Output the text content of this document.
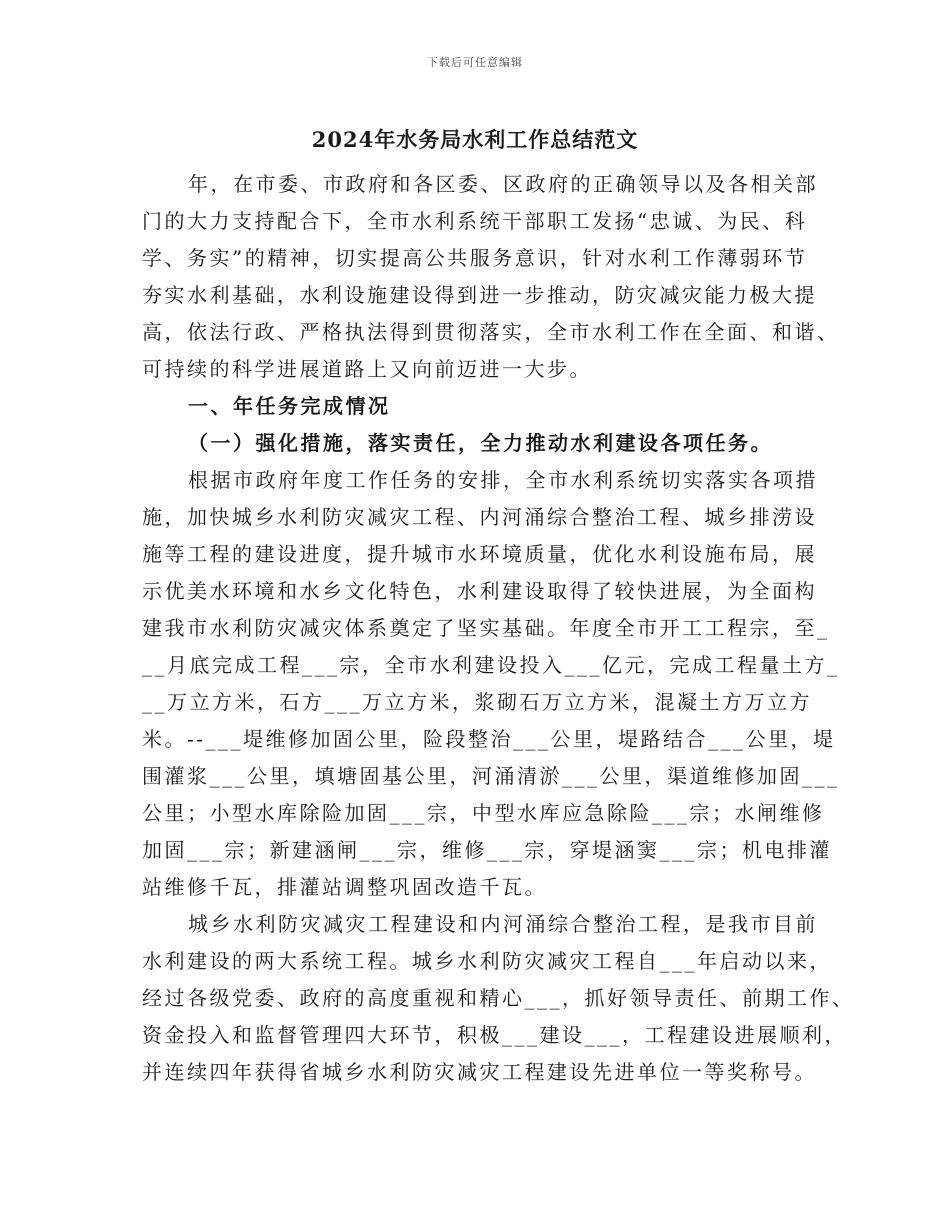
下载后可任意编辑
2024年水务局水利工作总结范文

年，在市委、市政府和各区委、区政府的正确领导以及各相关部
门的大力支持配合下，全市水利系统干部职工发扬“忠诚、为民、科
学、务实”的精神，切实提高公共服务意识，针对水利工作薄弱环节
夯实水利基础，水利设施建设得到进一步推动，防灾减灾能力极大提
高，依法行政、严格执法得到贯彻落实，全市水利工作在全面、和谐、
可持续的科学进展道路上又向前迈进一大步。

一、年任务完成情况

（一）强化措施，落实责任，全力推动水利建设各项任务。

根据市政府年度工作任务的安排，全市水利系统切实落实各项措
施，加快城乡水利防灾减灾工程、内河涌综合整治工程、城乡排涝设
施等工程的建设进度，提升城市水环境质量，优化水利设施布局，展
示优美水环境和水乡文化特色，水利建设取得了较快进展，为全面构
建我市水利防灾减灾体系奠定了坚实基础。年度全市开工工程宗，至_
__月底完成工程___宗，全市水利建设投入___亿元，完成工程量土方_
__万立方米，石方___万立方米，浆砌石万立方米，混凝土方万立方
米。--___堤维修加固公里，险段整治___公里，堤路结合___公里，堤
围灌浆___公里，填塘固基公里，河涌清淤___公里，渠道维修加固___
公里；小型水库除险加固___宗，中型水库应急除险___宗；水闸维修
加固___宗；新建涵闸___宗，维修___宗，穿堤涵窦___宗；机电排灌
站维修千瓦，排灌站调整巩固改造千瓦。

城乡水利防灾减灾工程建设和内河涌综合整治工程，是我市目前
水利建设的两大系统工程。城乡水利防灾减灾工程自___年启动以来，
经过各级党委、政府的高度重视和精心___，抓好领导责任、前期工作、
资金投入和监督管理四大环节，积极___建设___，工程建设进展顺利，
并连续四年获得省城乡水利防灾减灾工程建设先进单位一等奖称号。
